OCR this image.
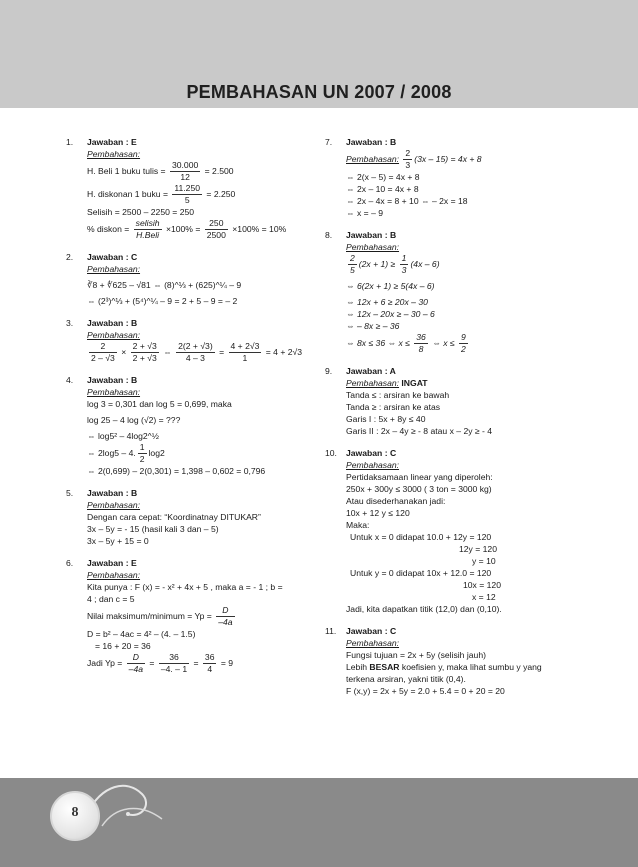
PEMBAHASAN UN 2007 / 2008
1. Jawaban : E
Pembahasan:
H. Beli 1 buku tulis = $\frac{30.000}{12} = 2.500$
H. diskonan 1 buku = $\frac{11.250}{5} = 2.250$
Selisih = 2500 – 2250 = 250
% diskon = $\frac{\text{selisih}}{\text{H.Beli}} \times 100\% = \frac{250}{2500} \times 100\% = 10\%$
2. Jawaban : C
Pembahasan:
∛8 + ∜625 – √81 ⇔ (8)^⅓ + (625)^¼ – 9
⇔ (2³)^⅓ + (5⁴)^¼ – 9 = 2 + 5 – 9 = – 2
3. Jawaban : B
Pembahasan:
$\frac{2}{2 - √3} \times \frac{2 + √3}{2 + √3}$ ⇔ $\frac{2(2 + √3)}{4 - 3} = \frac{4 + 2√3}{1} = 4 + 2√3$
4. Jawaban : B
Pembahasan:
log 3 = 0,301 dan log 5 = 0,699, maka
log 25 – 4 log (√2) = ???
⇔ log5² – 4log2^½
⇔ 2log5 – 4. $\frac{1}{2} \log 2$
⇔ 2(0,699) – 2(0,301) = 1,398 – 0,602 = 0,796
5. Jawaban : B
Pembahasan:
Dengan cara cepat: “Koordinatnay DITUKAR”
3x – 5y = - 15 (hasil kali 3 dan – 5)
3x – 5y + 15 = 0
6. Jawaban : E
Pembahasan:
Kita punya : F (x) = - x² + 4x + 5 , maka a = - 1 ; b =
4 ; dan c = 5
Nilai maksimum/minimum = $Yp = \frac{D}{-4a}$
D = b² – 4ac = 4² – (4. – 1.5)
= 16 + 20 = 36
Jadi $Yp = \frac{D}{-4a} = \frac{36}{-4. - 1} = \frac{36}{4} = 9$
7. Jawaban : B
Pembahasan: $\frac{2}{3} (3x - 15) = 4x + 8$
⇔ 2(x – 5) = 4x + 8
⇔ 2x – 10 = 4x + 8
⇔ 2x – 4x = 8 + 10 ⇔ – 2x = 18
⇔ x = – 9
8. Jawaban : B
Pembahasan:
$\frac{2}{5} (2x + 1) \ge \frac{1}{3} (4x - 6)$
⇔ 6(2x + 1) ≥ 5(4x – 6)
⇔ 12x + 6 ≥ 20x – 30
⇔ 12x – 20x ≥ – 30 – 6
⇔ – 8x ≥ – 36
⇔ 8x ≤ 36 ⇔ $x \le \frac{36}{8}$ ⇔ $x \le \frac{9}{2}$
9. Jawaban : A
Pembahasan: INGAT
Tanda ≤ : arsiran ke bawah
Tanda ≥ : arsiran ke atas
Garis I : 5x + 8y ≤ 40
Garis II : 2x – 4y ≥ - 8 atau x – 2y ≥ - 4
10. Jawaban : C
Pembahasan:
Pertidaksamaan linear yang diperoleh:
250x + 300y ≤ 3000 ( 3 ton = 3000 kg)
Atau disederhanakan jadi:
10x + 12 y ≤ 120
Maka:
Untuk x = 0 didapat 10.0 + 12y = 120
12y = 120
y = 10
Untuk y = 0 didapat 10x + 12.0 = 120
10x = 120
x = 12
Jadi, kita dapatkan titik (12,0) dan (0,10).
11. Jawaban : C
Pembahasan:
Fungsi tujuan = 2x + 5y (selisih jauh)
Lebih BESAR koefisien y, maka lihat sumbu y yang
terkena arsiran, yakni titik (0,4).
F (x,y) = 2x + 5y = 2.0 + 5.4 = 0 + 20 = 20
8
